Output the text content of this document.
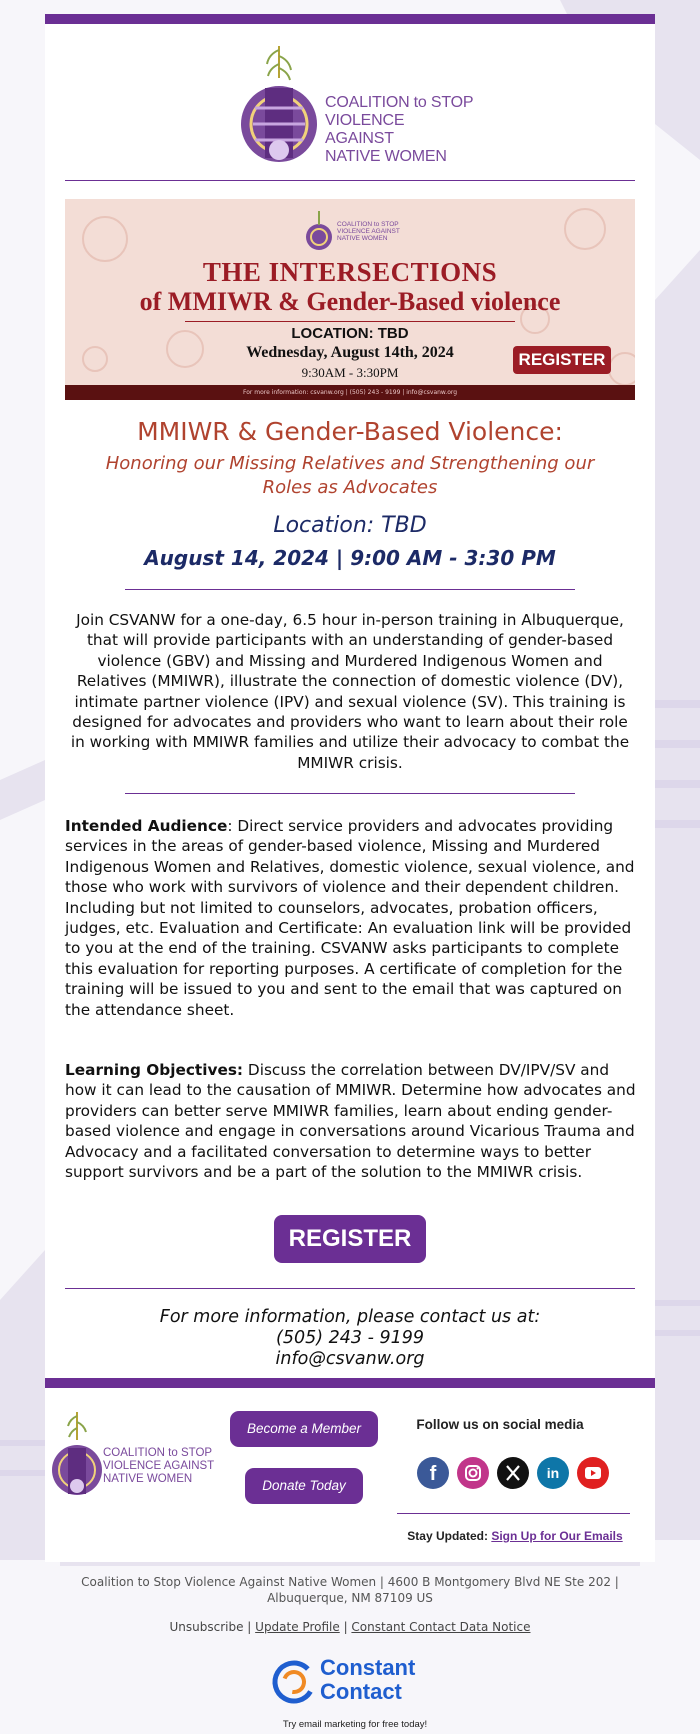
COALITION to STOP
VIOLENCE AGAINST
NATIVE WOMEN
COALITION to STOP
VIOLENCE AGAINST
NATIVE WOMEN
THE INTERSECTIONS
of MMIWR & Gender-Based violence
LOCATION: TBD
Wednesday, August 14th, 2024
9:30AM - 3:30PM
REGISTER
For more information: csvanw.org | (505) 243 - 9199 | info@csvanw.org
MMIWR & Gender-Based Violence:
Honoring our Missing Relatives and Strengthening our Roles as Advocates
Location: TBD
August 14, 2024 | 9:00 AM - 3:30 PM
Join CSVANW for a one-day, 6.5 hour in-person training in Albuquerque, that will provide participants with an understanding of gender-based violence (GBV) and Missing and Murdered Indigenous Women and Relatives (MMIWR), illustrate the connection of domestic violence (DV), intimate partner violence (IPV) and sexual violence (SV). This training is designed for advocates and providers who want to learn about their role in working with MMIWR families and utilize their advocacy to combat the MMIWR crisis.
Intended Audience: Direct service providers and advocates providing services in the areas of gender-based violence, Missing and Murdered Indigenous Women and Relatives, domestic violence, sexual violence, and those who work with survivors of violence and their dependent children. Including but not limited to counselors, advocates, probation officers, judges, etc. Evaluation and Certificate: An evaluation link will be provided to you at the end of the training. CSVANW asks participants to complete this evaluation for reporting purposes. A certificate of completion for the training will be issued to you and sent to the email that was captured on the attendance sheet.
Learning Objectives: Discuss the correlation between DV/IPV/SV and how it can lead to the causation of MMIWR. Determine how advocates and providers can better serve MMIWR families, learn about ending gender-based violence and engage in conversations around Vicarious Trauma and Advocacy and a facilitated conversation to determine ways to better support survivors and be a part of the solution to the MMIWR crisis.
REGISTER
For more information, please contact us at:
(505) 243 - 9199
info@csvanw.org
COALITION to STOP
VIOLENCE AGAINST
NATIVE WOMEN
Become a Member
Donate Today
Follow us on social media
f	in
Stay Updated: Sign Up for Our Emails
Coalition to Stop Violence Against Native Women | 4600 B Montgomery Blvd NE Ste 202 | Albuquerque, NM 87109 US
Unsubscribe | Update Profile | Constant Contact Data Notice
Constant
Contact
Try email marketing for free today!
